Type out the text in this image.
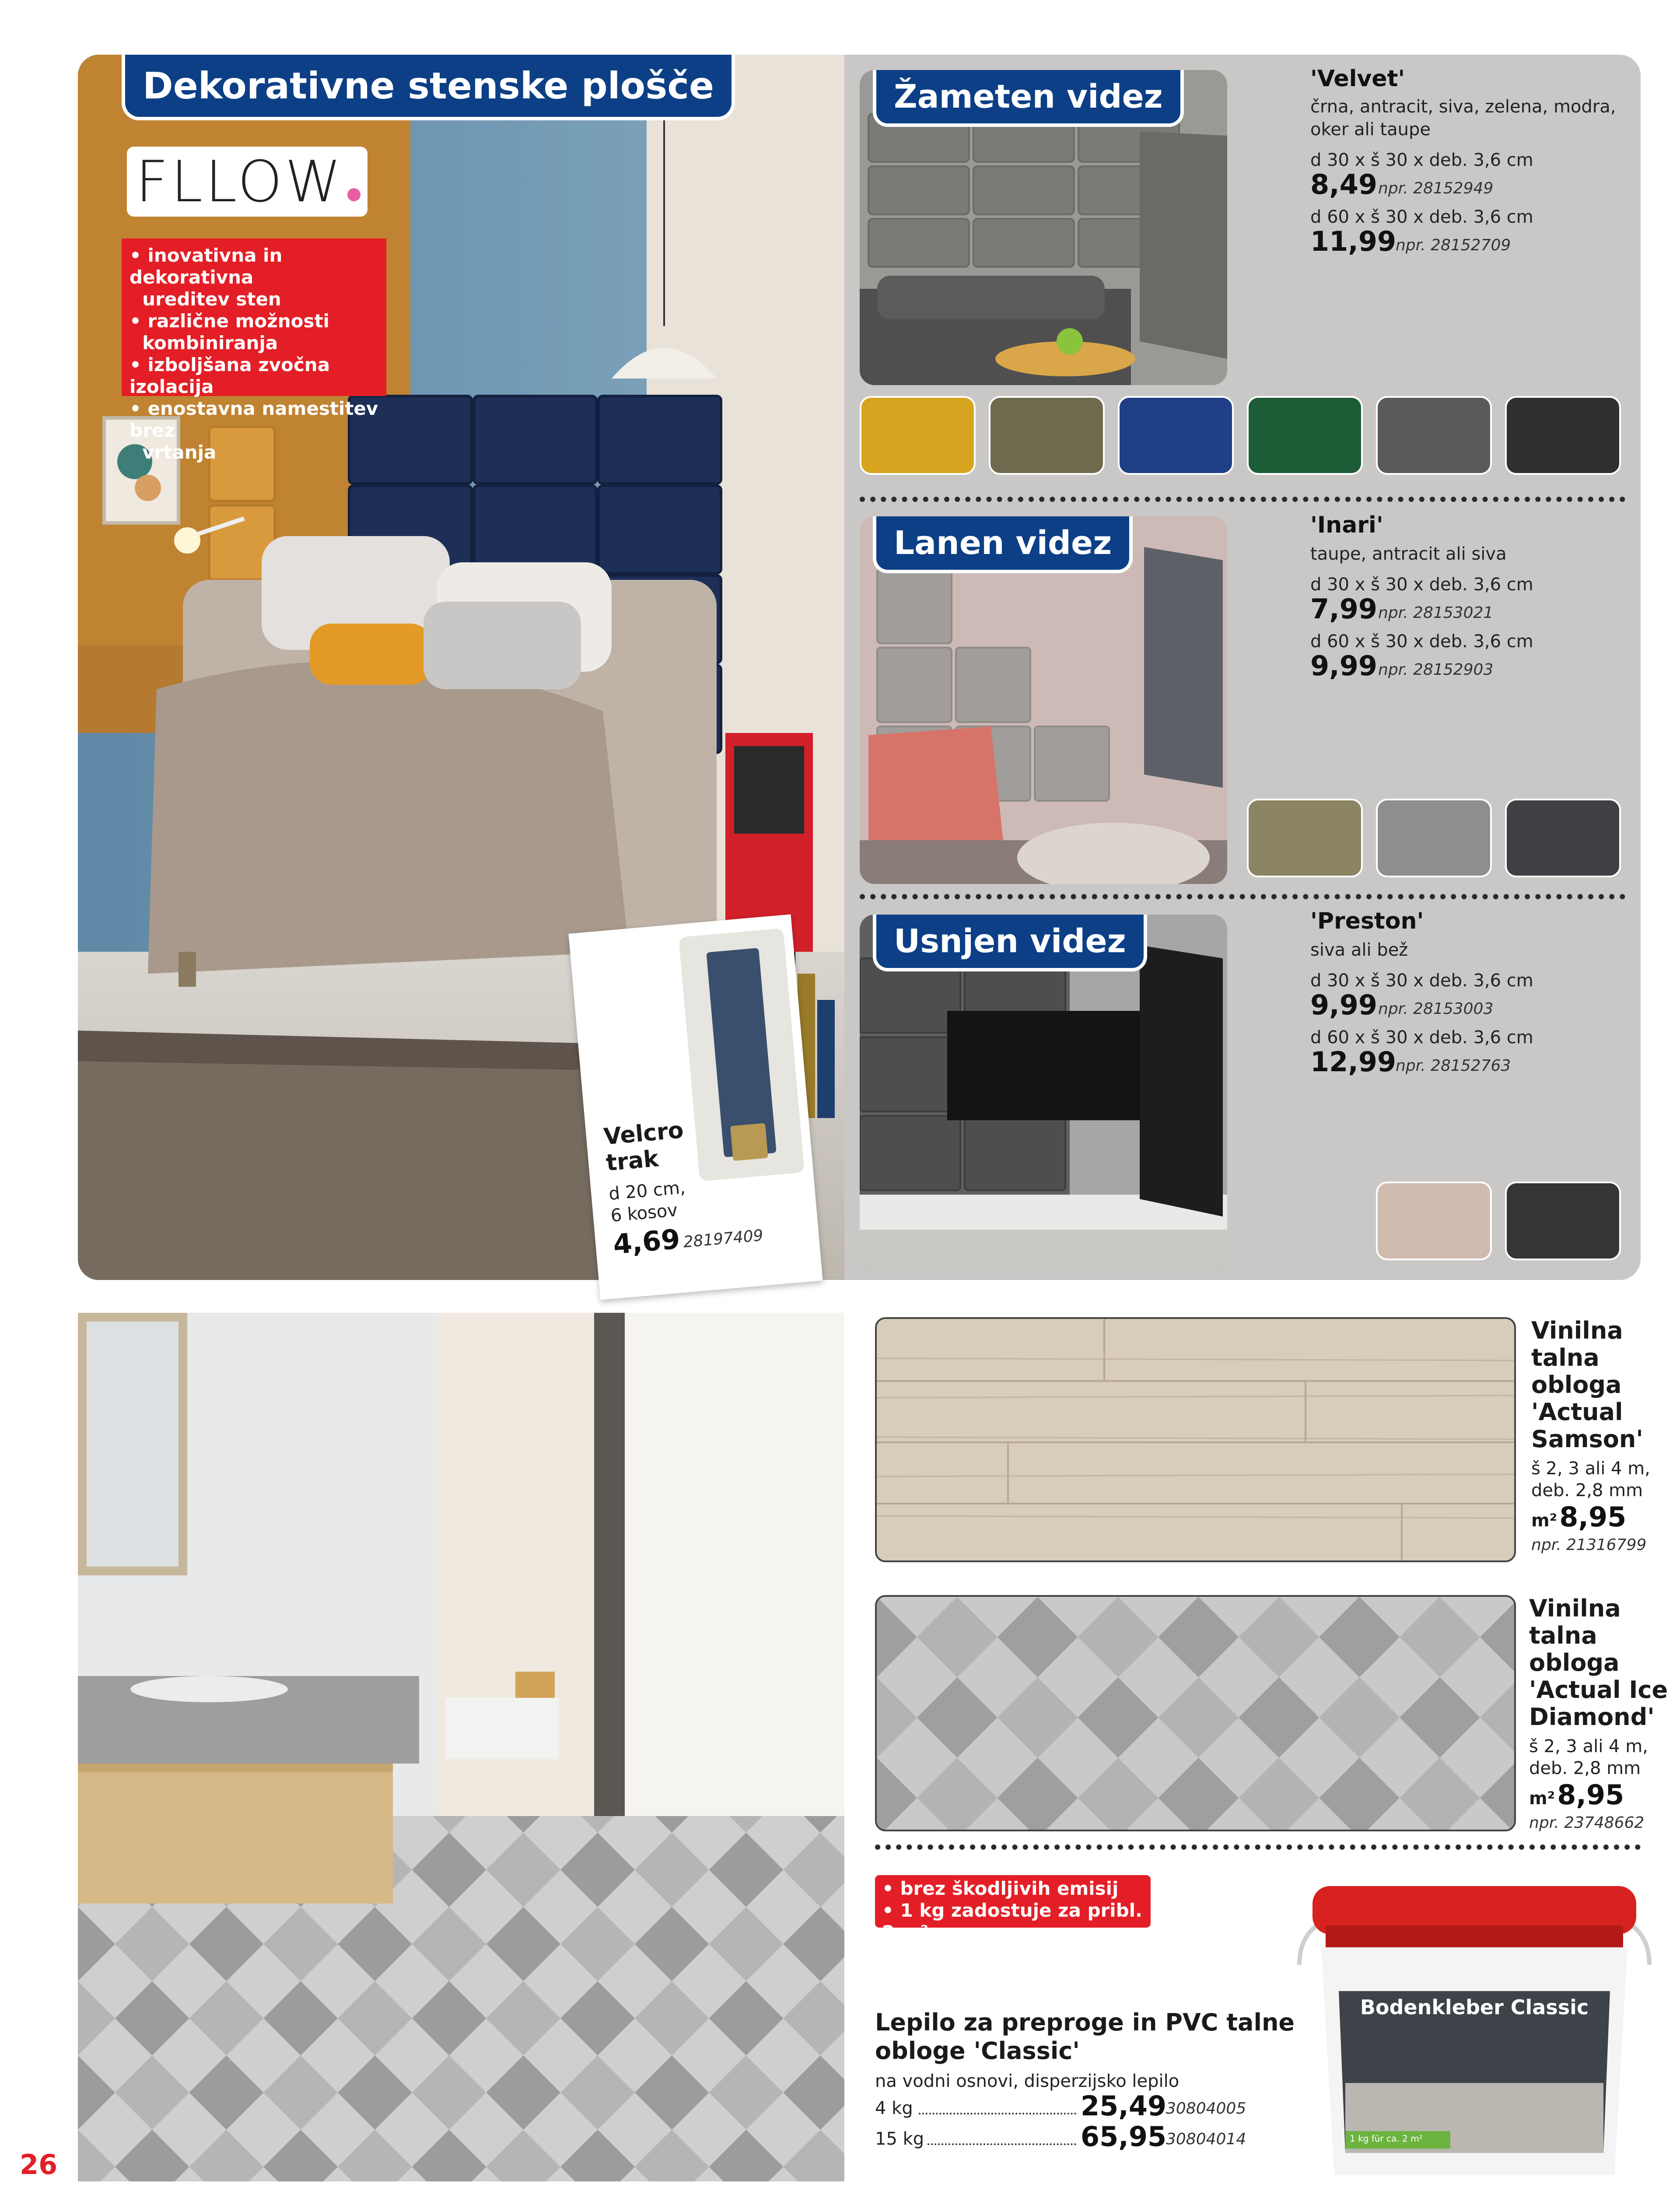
Dekorativne stenske plošče
FLLOW
• inovativna in dekorativna
ureditev sten
• različne možnosti
kombiniranja
• izboljšana zvočna izolacija
• enostavna namestitev brez
vrtanja
Velcro
trak
d 20 cm,
6 kosov
4,69 28197409
Žameten videz	'Velvet'
črna, antracit, siva, zelena, modra,
oker ali taupe
d 30 x š 30 x deb. 3,6 cm
8,49 npr. 28152949
d 60 x š 30 x deb. 3,6 cm
11,99
npr. 28152709
Lanen videz	'Inari'
taupe, antracit ali siva
d 30 x š 30 x deb. 3,6 cm
7,99 npr. 28153021
d 60 x š 30 x deb. 3,6 cm
9,99 npr. 28152903
Usnjen videz
'Preston'
siva ali bež
d 30 x š 30 x deb. 3,6 cm
9,99 npr. 28153003
d 60 x š 30 x deb. 3,6 cm
12,99
npr. 28152763
Vinilna
talna
obloga
'Actual
Samson'
š 2, 3 ali 4 m,
deb. 2,8 mm
m² 8,95
npr. 21316799
Vinilna
talna
obloga
'Actual Ice
Diamond'
š 2, 3 ali 4 m,
deb. 2,8 mm
m² 8,95
npr. 23748662
• brez škodljivih emisij
• 1 kg zadostuje za pribl. 2 m²
Lepilo za preproge in PVC talne
obloge 'Classic'
na vodni osnovi, disperzijsko lepilo
4 kg	25,49
30804005
15 kg	65,95
30804014
Bodenkleber Classic
1 kg für ca. 2 m²
26
